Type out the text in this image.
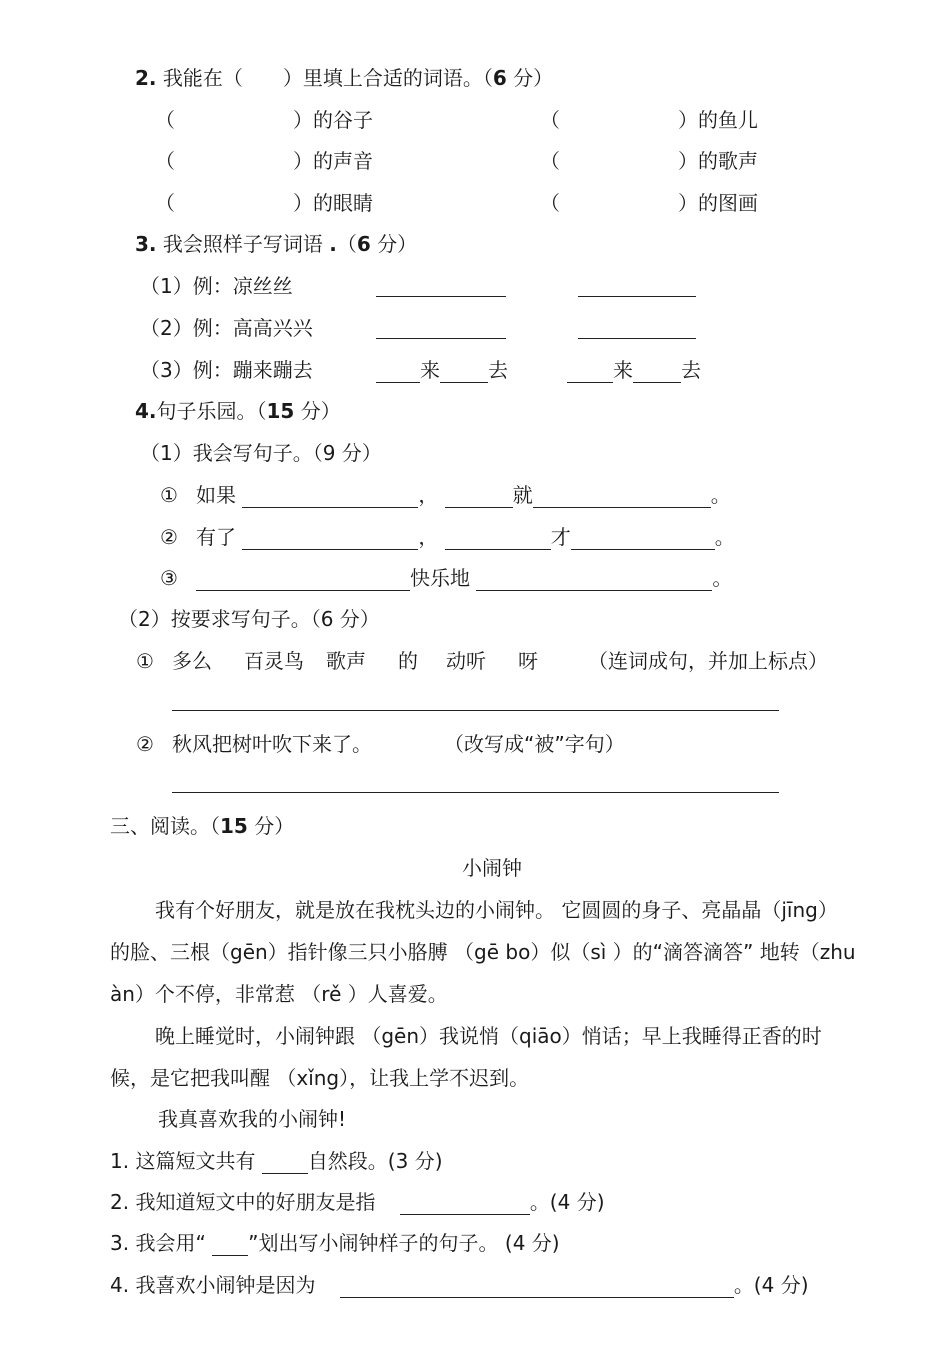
2. 我能在（　　）里填上合适的词语。（6 分）
（	）的谷子	（	）的鱼儿
（	）的声音	（	）的歌声
（	）的眼睛	（	）的图画
3. 我会照样子写词语 .（6 分）
（1）例：凉丝丝
（2）例：高高兴兴
（3）例：蹦来蹦去	来 去	来 去
4.句子乐园。（15 分）
（1）我会写句子。（9 分）
① 如果	，	就	。
② 有了	，	才	。
③	快乐地	。
（2）按要求写句子。（6 分）
① 多么 百灵鸟 歌声 的 动听 呀	（连词成句，并加上标点）
② 秋风把树叶吹下来了。	（改写成“被”字句）
三、阅读。（15 分）
小闹钟
我有个好朋友，就是放在我枕头边的小闹钟。 它圆圆的身子、亮晶晶（jīng）
的脸、三根（gēn）指针像三只小胳膊 （gē bo）似（sì ）的“滴答滴答” 地转（zhu
àn）个不停，非常惹 （rě ）人喜爱。
晚上睡觉时，小闹钟跟 （gēn）我说悄（qiāo）悄话；早上我睡得正香的时
候，是它把我叫醒 （xǐng），让我上学不迟到。
我真喜欢我的小闹钟!
1. 这篇短文共有	自然段。(3 分)
2. 我知道短文中的好朋友是指	。(4 分)
3. 我会用“ ”划出写小闹钟样子的句子。 (4 分)
4. 我喜欢小闹钟是因为	。(4 分)
